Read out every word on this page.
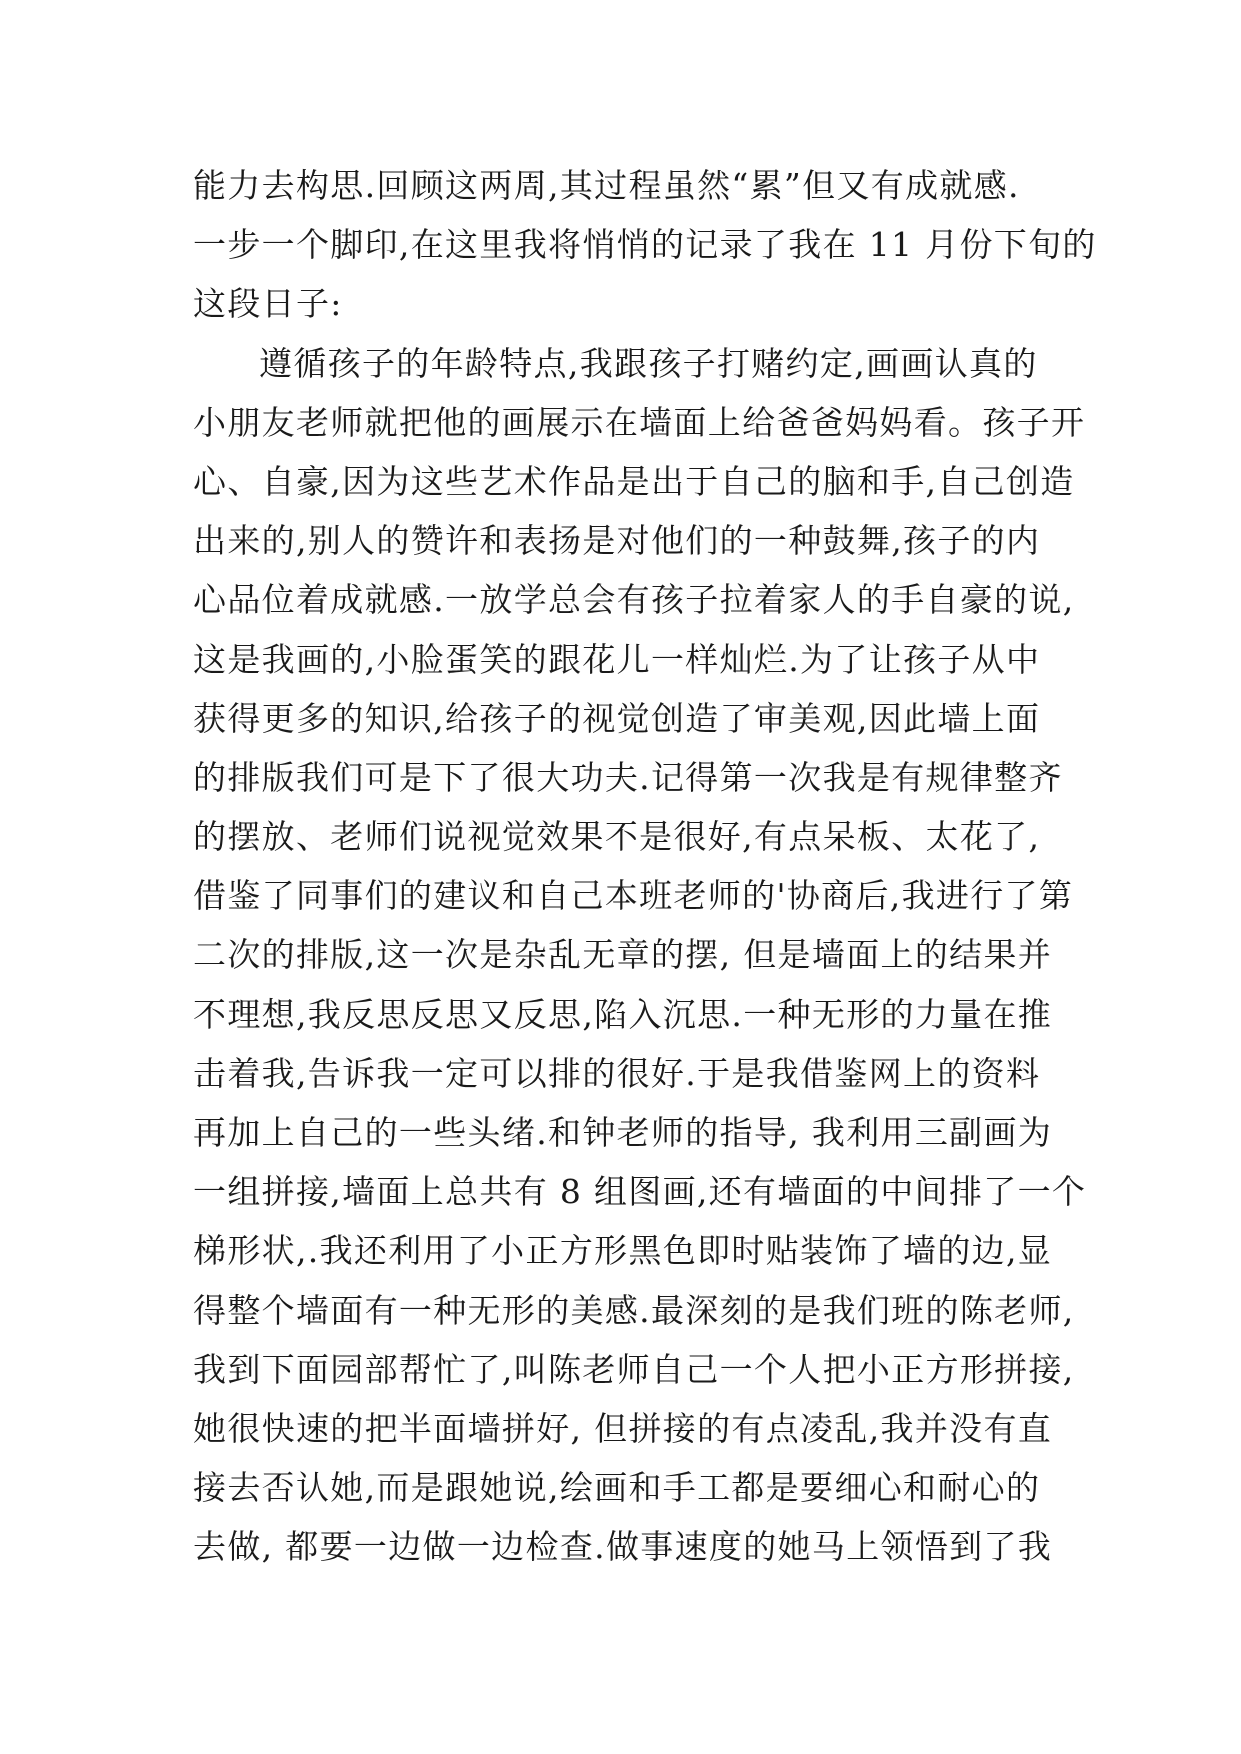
能力去构思.回顾这两周,其过程虽然“累”但又有成就感.
一步一个脚印,在这里我将悄悄的记录了我在 11 月份下旬的
这段日子:
遵循孩子的年龄特点,我跟孩子打赌约定,画画认真的
小朋友老师就把他的画展示在墙面上给爸爸妈妈看。孩子开
心、自豪,因为这些艺术作品是出于自己的脑和手,自己创造
出来的,别人的赞许和表扬是对他们的一种鼓舞,孩子的内
心品位着成就感.一放学总会有孩子拉着家人的手自豪的说,
这是我画的,小脸蛋笑的跟花儿一样灿烂.为了让孩子从中
获得更多的知识,给孩子的视觉创造了审美观,因此墙上面
的排版我们可是下了很大功夫.记得第一次我是有规律整齐
的摆放、老师们说视觉效果不是很好,有点呆板、太花了,
借鉴了同事们的建议和自己本班老师的'协商后,我进行了第
二次的排版,这一次是杂乱无章的摆, 但是墙面上的结果并
不理想,我反思反思又反思,陷入沉思.一种无形的力量在推
击着我,告诉我一定可以排的很好.于是我借鉴网上的资料
再加上自己的一些头绪.和钟老师的指导, 我利用三副画为
一组拼接,墙面上总共有 8 组图画,还有墙面的中间排了一个
梯形状,.我还利用了小正方形黑色即时贴装饰了墙的边,显
得整个墙面有一种无形的美感.最深刻的是我们班的陈老师,
我到下面园部帮忙了,叫陈老师自己一个人把小正方形拼接,
她很快速的把半面墙拼好, 但拼接的有点凌乱,我并没有直
接去否认她,而是跟她说,绘画和手工都是要细心和耐心的
去做, 都要一边做一边检查.做事速度的她马上领悟到了我
